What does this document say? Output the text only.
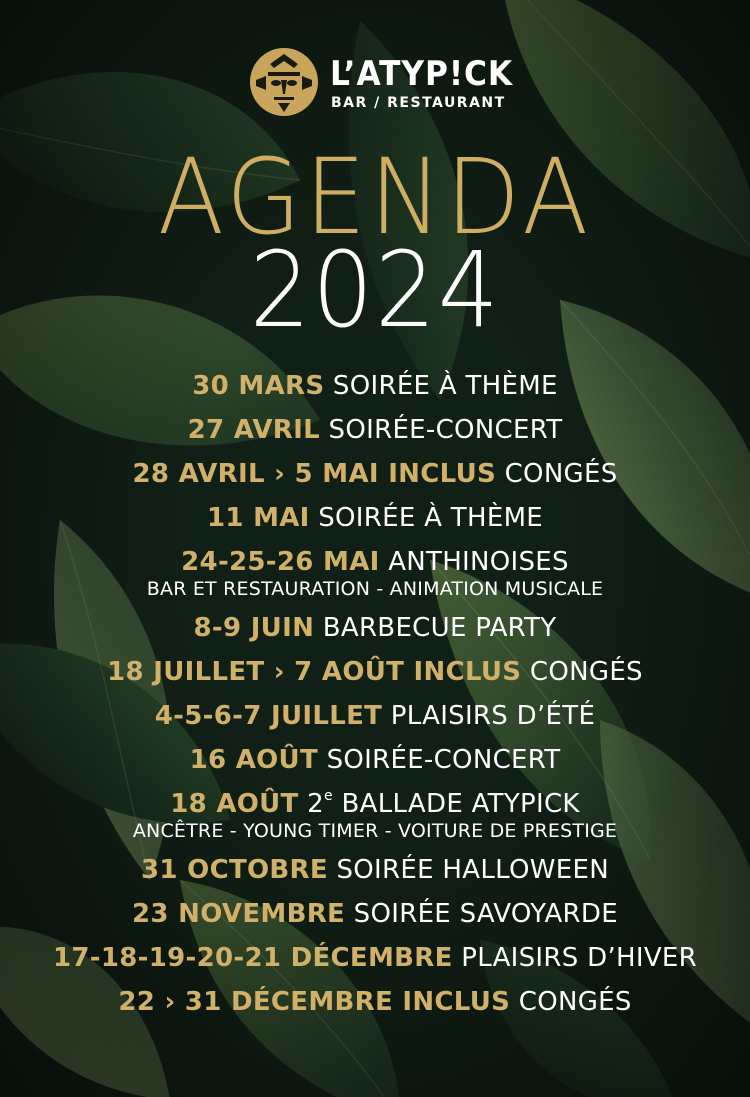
L’ATYP!CK
BAR / RESTAURANT
AGENDA
2024
30 MARS SOIRÉE À THÈME
27 AVRIL SOIRÉE-CONCERT
28 AVRIL › 5 MAI INCLUS CONGÉS
11 MAI SOIRÉE À THÈME
24-25-26 MAI ANTHINOISES
BAR ET RESTAURATION - ANIMATION MUSICALE
8-9 JUIN BARBECUE PARTY
18 JUILLET › 7 AOÛT INCLUS CONGÉS
4-5-6-7 JUILLET PLAISIRS D’ÉTÉ
16 AOÛT SOIRÉE-CONCERT
18 AOÛT 2e BALLADE ATYPICK
ANCÊTRE - YOUNG TIMER - VOITURE DE PRESTIGE
31 OCTOBRE SOIRÉE HALLOWEEN
23 NOVEMBRE SOIRÉE SAVOYARDE
17-18-19-20-21 DÉCEMBRE PLAISIRS D’HIVER
22 › 31 DÉCEMBRE INCLUS CONGÉS
